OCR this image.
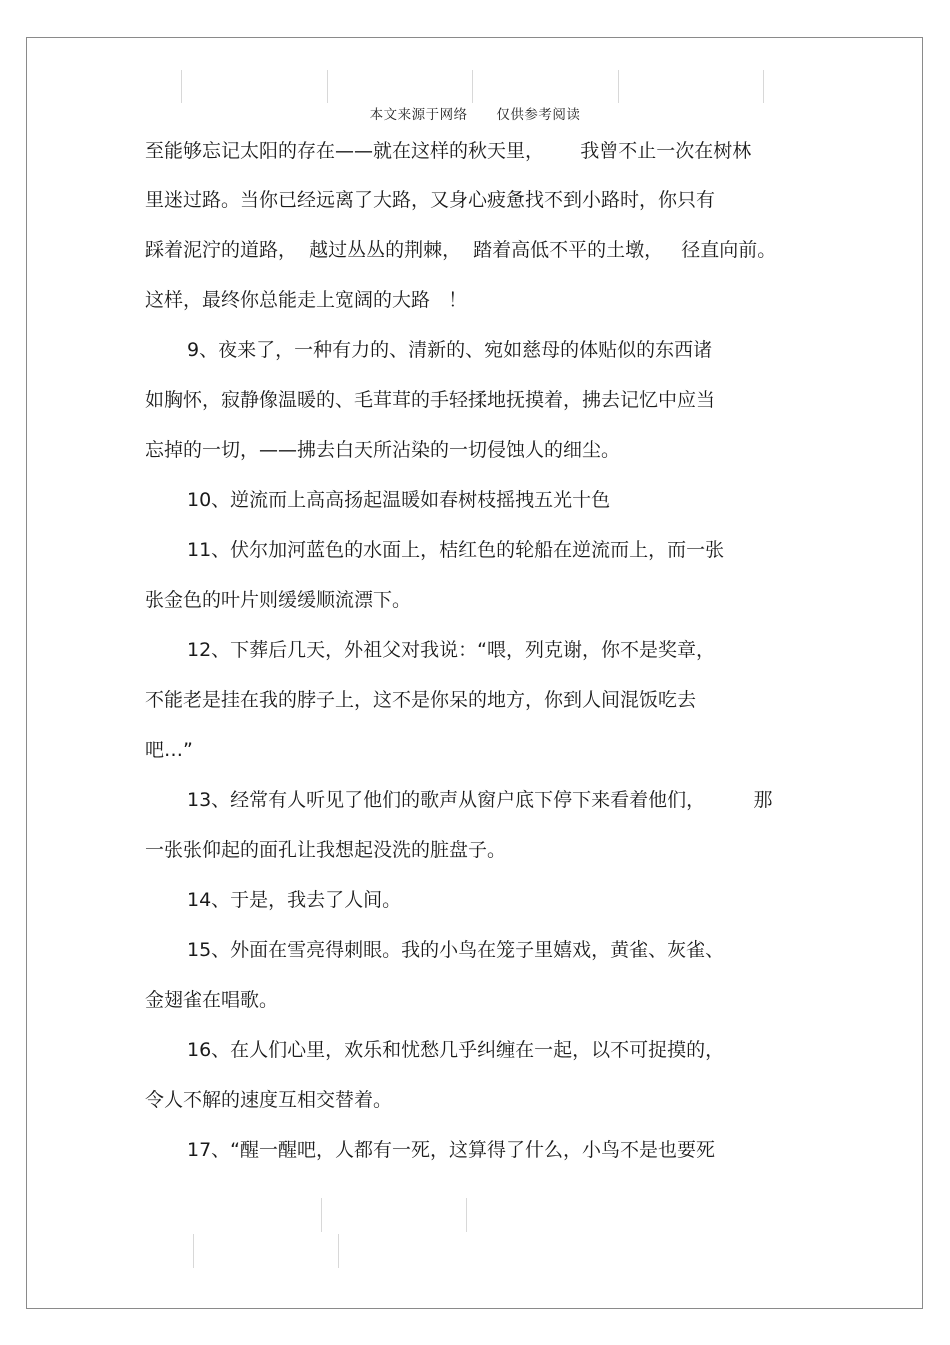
本文来源于网络      仅供参考阅读
至能够忘记太阳的存在——就在这样的秋天里，      我曾不止一次在树林
里迷过路。当你已经远离了大路，又身心疲惫找不到小路时，你只有
踩着泥泞的道路，  越过丛丛的荆棘，  踏着高低不平的土墩，   径直向前。
这样，最终你总能走上宽阔的大路   ！
9、夜来了，一种有力的、清新的、宛如慈母的体贴似的东西诸
如胸怀，寂静像温暖的、毛茸茸的手轻揉地抚摸着，拂去记忆中应当
忘掉的一切，——拂去白天所沾染的一切侵蚀人的细尘。
10、逆流而上高高扬起温暖如春树枝摇拽五光十色
11、伏尔加河蓝色的水面上，桔红色的轮船在逆流而上，而一张
张金色的叶片则缓缓顺流漂下。
12、下葬后几天，外祖父对我说：“喂，列克谢，你不是奖章，
不能老是挂在我的脖子上，这不是你呆的地方，你到人间混饭吃去
吧…”
13、经常有人听见了他们的歌声从窗户底下停下来看着他们，        那
一张张仰起的面孔让我想起没洗的脏盘子。
14、于是，我去了人间。
15、外面在雪亮得刺眼。我的小鸟在笼子里嬉戏，黄雀、灰雀、
金翅雀在唱歌。
16、在人们心里，欢乐和忧愁几乎纠缠在一起，以不可捉摸的，
令人不解的速度互相交替着。
17、“醒一醒吧，人都有一死，这算得了什么，小鸟不是也要死
